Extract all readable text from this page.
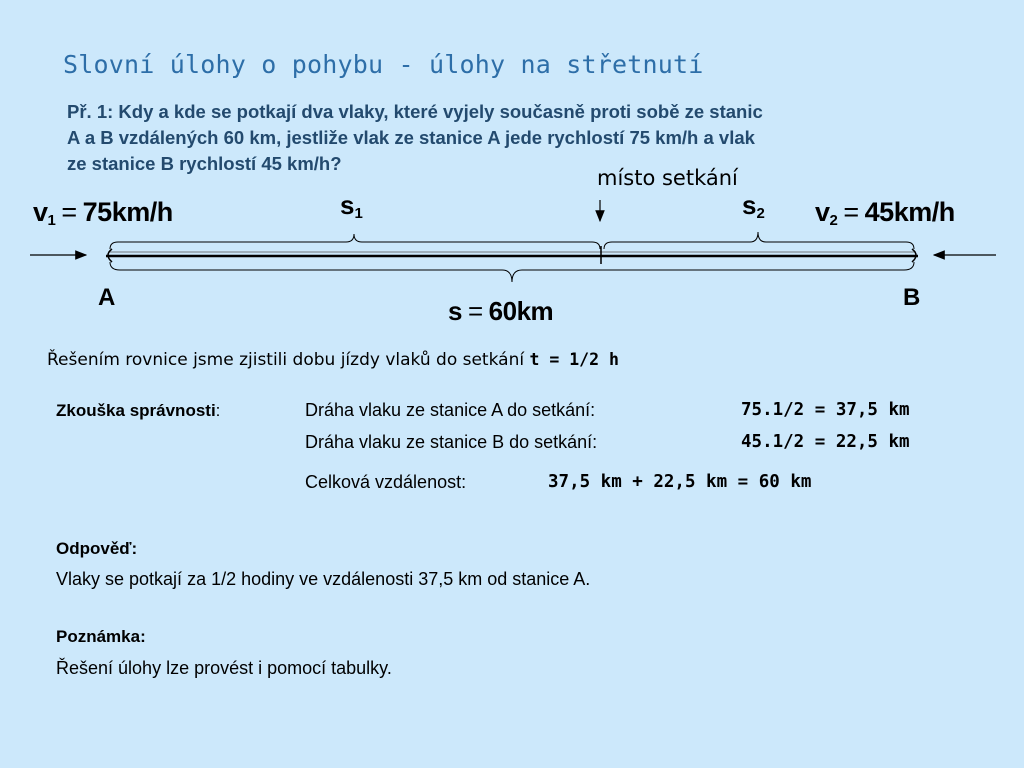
Slovní úlohy o pohybu - úlohy na střetnutí
Př. 1: Kdy a kde se potkají dva vlaky, které vyjely současně proti sobě ze stanic
A a B vzdálených 60 km, jestliže vlak ze stanice A jede rychlostí 75 km/h a vlak
ze stanice B rychlostí 45 km/h?
místo setkání
$v_1 = 75km/h$	$v_2 = 45km/h$
$s_1$	$s_2$
s = 60km
A	B
Řešením rovnice jsme zjistili dobu jízdy vlaků do setkání t = 1/2 h
Zkouška správnosti:	Dráha vlaku ze stanice A do setkání:	75.1/2 = 37,5 km
Dráha vlaku ze stanice B do setkání:	45.1/2 = 22,5 km
Celková vzdálenost:	37,5 km + 22,5 km = 60 km
Odpověď:
Vlaky se potkají za 1/2 hodiny ve vzdálenosti 37,5 km od stanice A.
Poznámka:
Řešení úlohy lze provést i pomocí tabulky.
